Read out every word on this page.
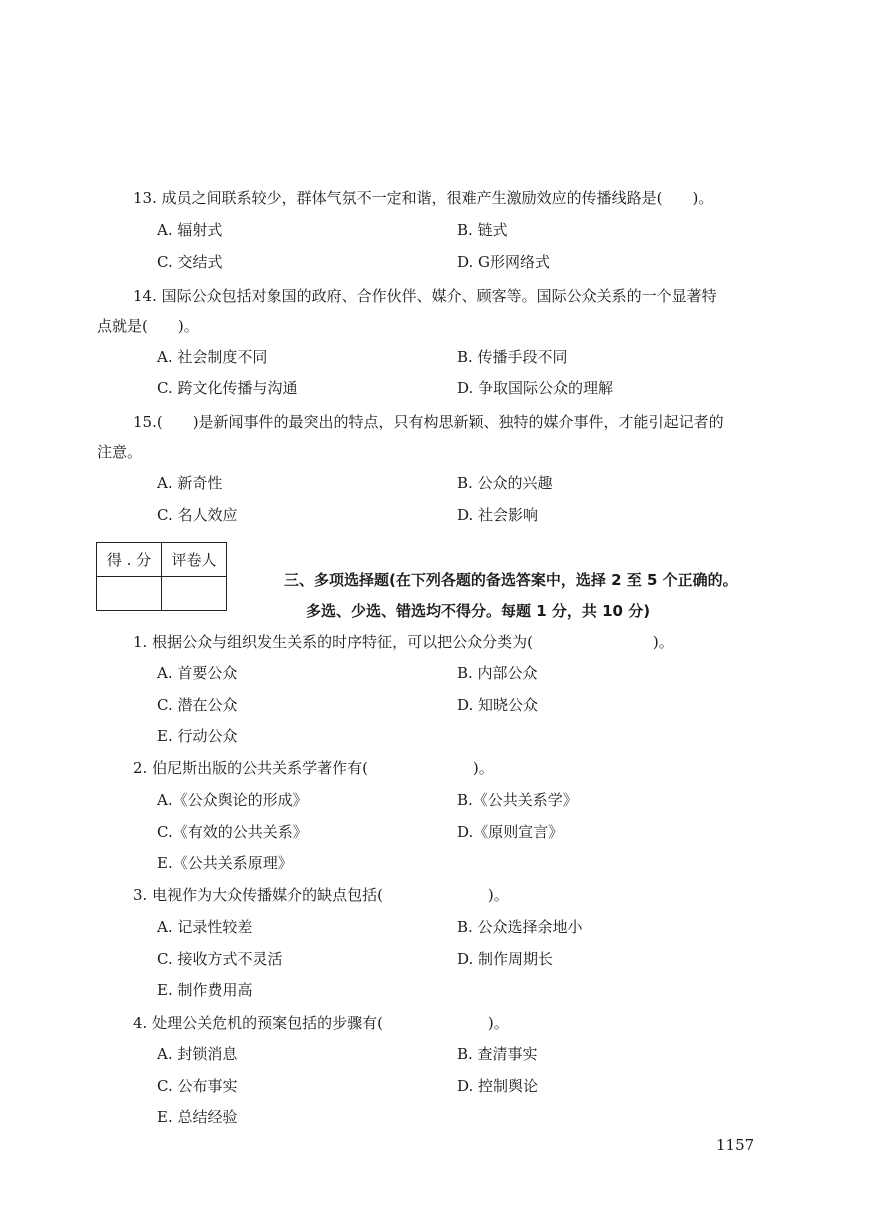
13. 成员之间联系较少，群体气氛不一定和谐，很难产生激励效应的传播线路是(　　)。
A. 辐射式	B. 链式
C. 交结式	D. G形网络式
14. 国际公众包括对象国的政府、合作伙伴、媒介、顾客等。国际公众关系的一个显著特
点就是(　　)。
A. 社会制度不同	B. 传播手段不同
C. 跨文化传播与沟通	D. 争取国际公众的理解
15.(　　)是新闻事件的最突出的特点，只有构思新颖、独特的媒介事件，才能引起记者的
注意。
A. 新奇性	B. 公众的兴趣
C. 名人效应	D. 社会影响
得 . 分	评卷人

三、多项选择题(在下列各题的备选答案中，选择 2 至 5 个正确的。
多选、少选、错选均不得分。每题 1 分，共 10 分)
1. 根据公众与组织发生关系的时序特征，可以把公众分类为(　　　　　　　　)。
A. 首要公众	B. 内部公众
C. 潜在公众	D. 知晓公众
E. 行动公众
2. 伯尼斯出版的公共关系学著作有(　　　　　　　)。
A.《公众舆论的形成》	B.《公共关系学》
C.《有效的公共关系》	D.《原则宣言》
E.《公共关系原理》
3. 电视作为大众传播媒介的缺点包括(　　　　　　　)。
A. 记录性较差	B. 公众选择余地小
C. 接收方式不灵活	D. 制作周期长
E. 制作费用高
4. 处理公关危机的预案包括的步骤有(　　　　　　　)。
A. 封锁消息	B. 查清事实
C. 公布事实	D. 控制舆论
E. 总结经验
1157
